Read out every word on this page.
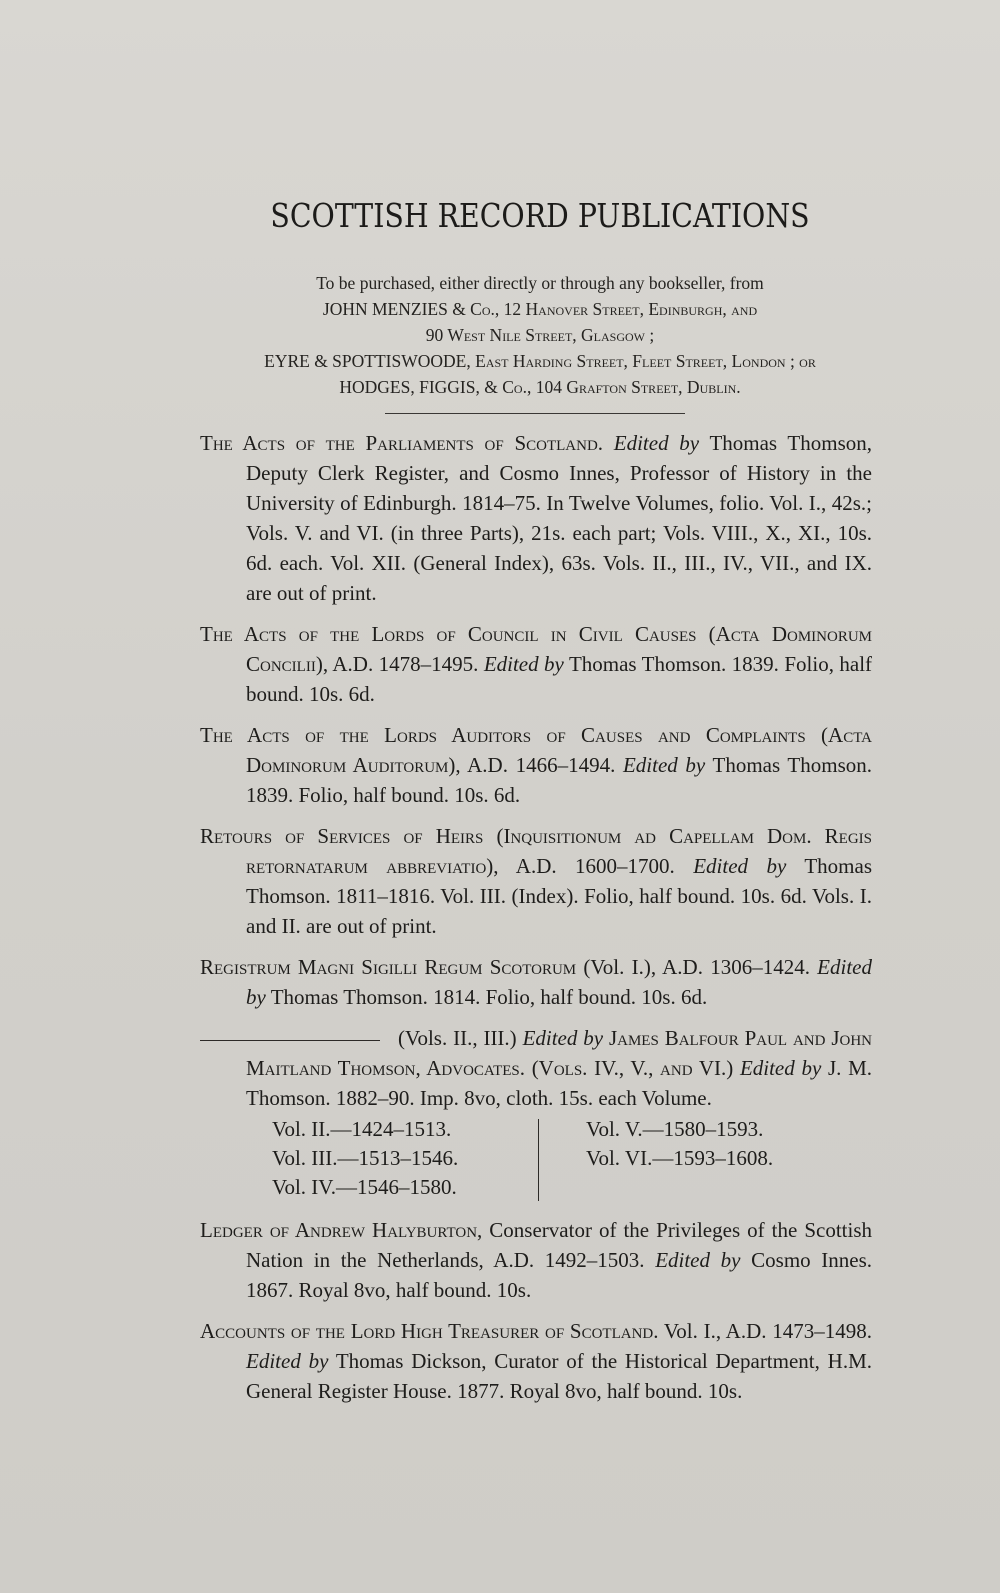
SCOTTISH RECORD PUBLICATIONS
To be purchased, either directly or through any bookseller, from
JOHN MENZIES & Co., 12 Hanover Street, Edinburgh, and
90 West Nile Street, Glasgow ;
EYRE & SPOTTISWOODE, East Harding Street, Fleet Street, London ; or
HODGES, FIGGIS, & Co., 104 Grafton Street, Dublin.

The Acts of the Parliaments of Scotland. Edited by Thomas Thomson, Deputy Clerk Register, and Cosmo Innes, Professor of History in the University of Edinburgh. 1814–75. In Twelve Volumes, folio. Vol. I., 42s.; Vols. V. and VI. (in three Parts), 21s. each part; Vols. VIII., X., XI., 10s. 6d. each. Vol. XII. (General Index), 63s. Vols. II., III., IV., VII., and IX. are out of print.

The Acts of the Lords of Council in Civil Causes (Acta Dominorum Concilii), A.D. 1478–1495. Edited by Thomas Thomson. 1839. Folio, half bound. 10s. 6d.

The Acts of the Lords Auditors of Causes and Complaints (Acta Dominorum Auditorum), A.D. 1466–1494. Edited by Thomas Thomson. 1839. Folio, half bound. 10s. 6d.

Retours of Services of Heirs (Inquisitionum ad Capellam Dom. Regis retornatarum abbreviatio), A.D. 1600–1700. Edited by Thomas Thomson. 1811–1816. Vol. III. (Index). Folio, half bound. 10s. 6d. Vols. I. and II. are out of print.

Registrum Magni Sigilli Regum Scotorum (Vol. I.), A.D. 1306–1424. Edited by Thomas Thomson. 1814. Folio, half bound. 10s. 6d.

(Vols. II., III.) Edited by James Balfour Paul and John Maitland Thomson, Advocates. (Vols. IV., V., and VI.) Edited by J. M. Thomson. 1882–90. Imp. 8vo, cloth. 15s. each Volume.

Vol. II.—1424–1513.
Vol. III.—1513–1546.
Vol. IV.—1546–1580.
Vol. V.—1580–1593.
Vol. VI.—1593–1608.

Ledger of Andrew Halyburton, Conservator of the Privileges of the Scottish Nation in the Netherlands, A.D. 1492–1503. Edited by Cosmo Innes. 1867. Royal 8vo, half bound. 10s.

Accounts of the Lord High Treasurer of Scotland. Vol. I., A.D. 1473–1498. Edited by Thomas Dickson, Curator of the Historical Department, H.M. General Register House. 1877. Royal 8vo, half bound. 10s.
